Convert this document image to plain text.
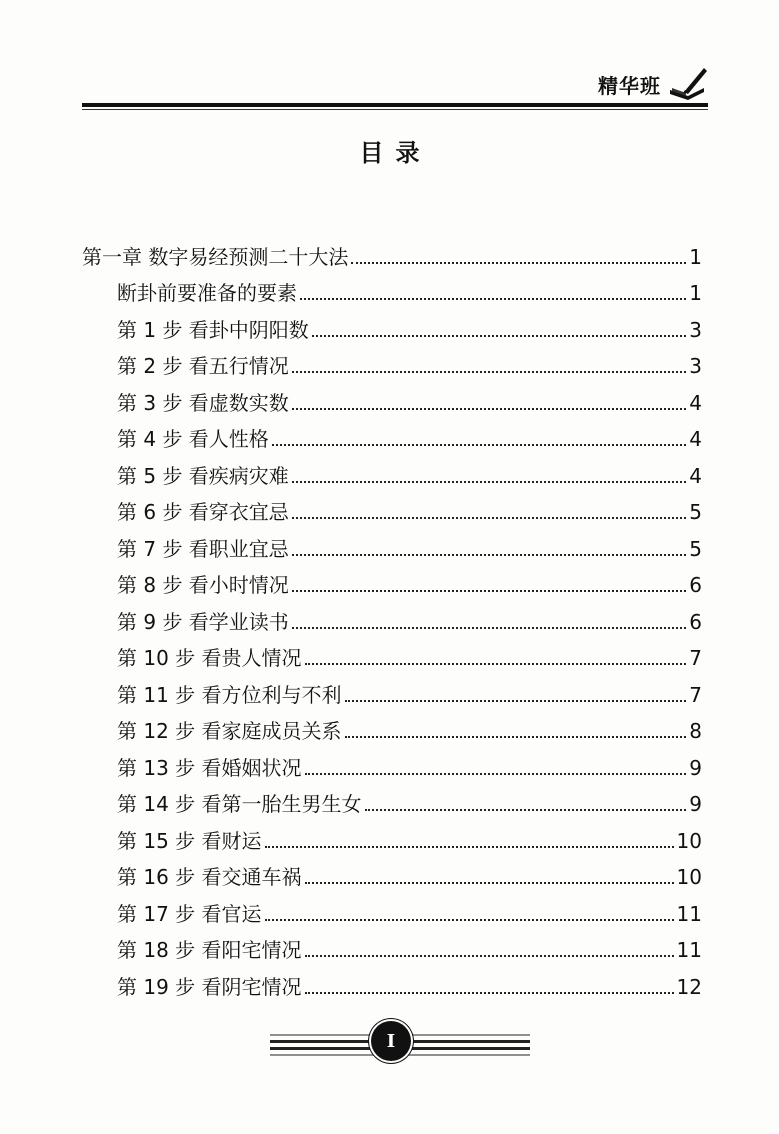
精华班
目录
第一章 数字易经预测二十大法	1
断卦前要准备的要素	1
第 1 步 看卦中阴阳数	3
第 2 步 看五行情况	3
第 3 步 看虚数实数	4
第 4 步 看人性格	4
第 5 步 看疾病灾难	4
第 6 步 看穿衣宜忌	5
第 7 步 看职业宜忌	5
第 8 步 看小时情况	6
第 9 步 看学业读书	6
第 10 步 看贵人情况	7
第 11 步 看方位利与不利	7
第 12 步 看家庭成员关系	8
第 13 步 看婚姻状况	9
第 14 步 看第一胎生男生女	9
第 15 步 看财运	10
第 16 步 看交通车祸	10
第 17 步 看官运	11
第 18 步 看阳宅情况	11
第 19 步 看阴宅情况	12
I
